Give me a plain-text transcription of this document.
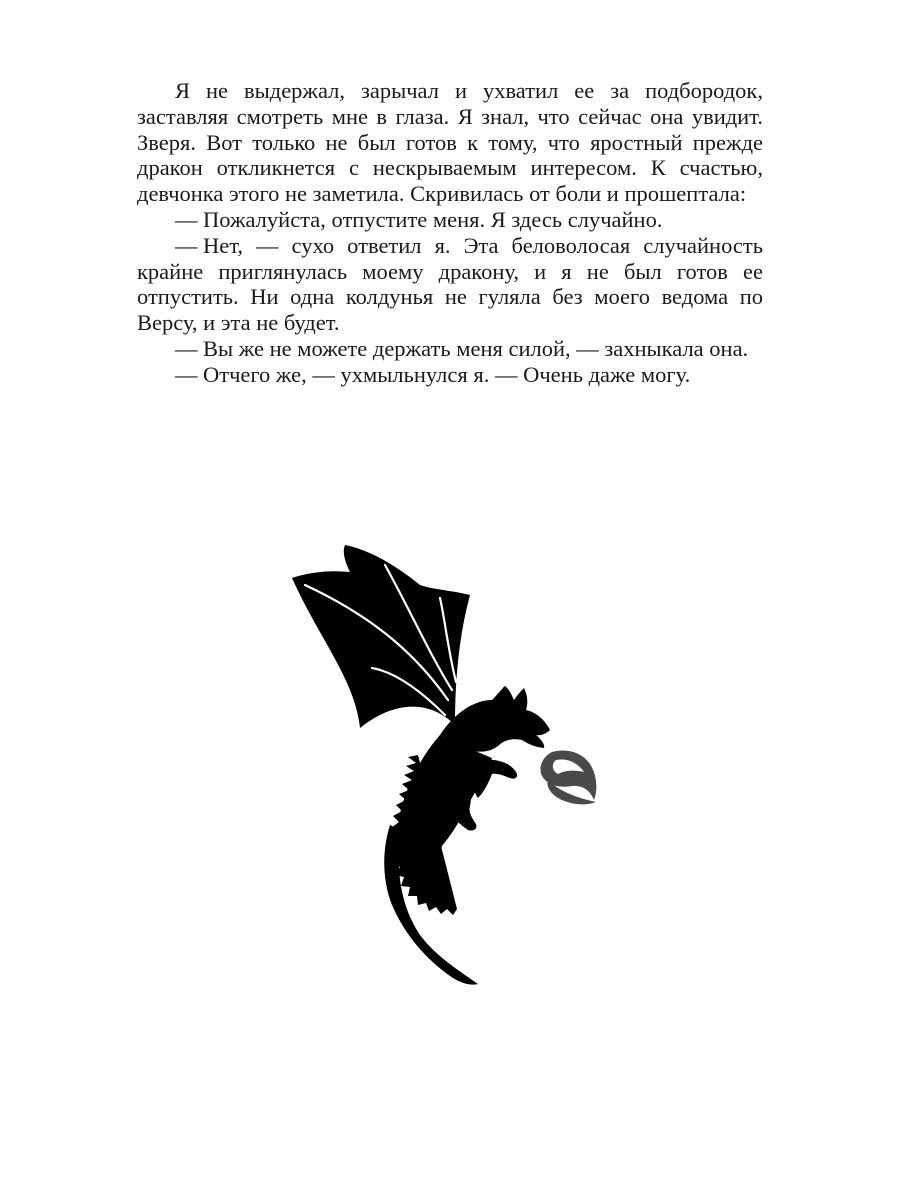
Я не выдержал, зарычал и ухватил ее за подбородок, заставляя смотреть мне в глаза. Я знал, что сейчас она увидит. Зверя. Вот только не был готов к тому, что яростный прежде дракон откликнется с нескрываемым интересом. К счастью, девчонка этого не заметила. Скривилась от боли и прошептала:

— Пожалуйста, отпустите меня. Я здесь случайно.

— Нет, — сухо ответил я. Эта беловолосая случайность крайне приглянулась моему дракону, и я не был готов ее отпустить. Ни одна колдунья не гуляла без моего ведома по Версу, и эта не будет.

— Вы же не можете держать меня силой, — захныкала она.

— Отчего же, — ухмыльнулся я. — Очень даже могу.
